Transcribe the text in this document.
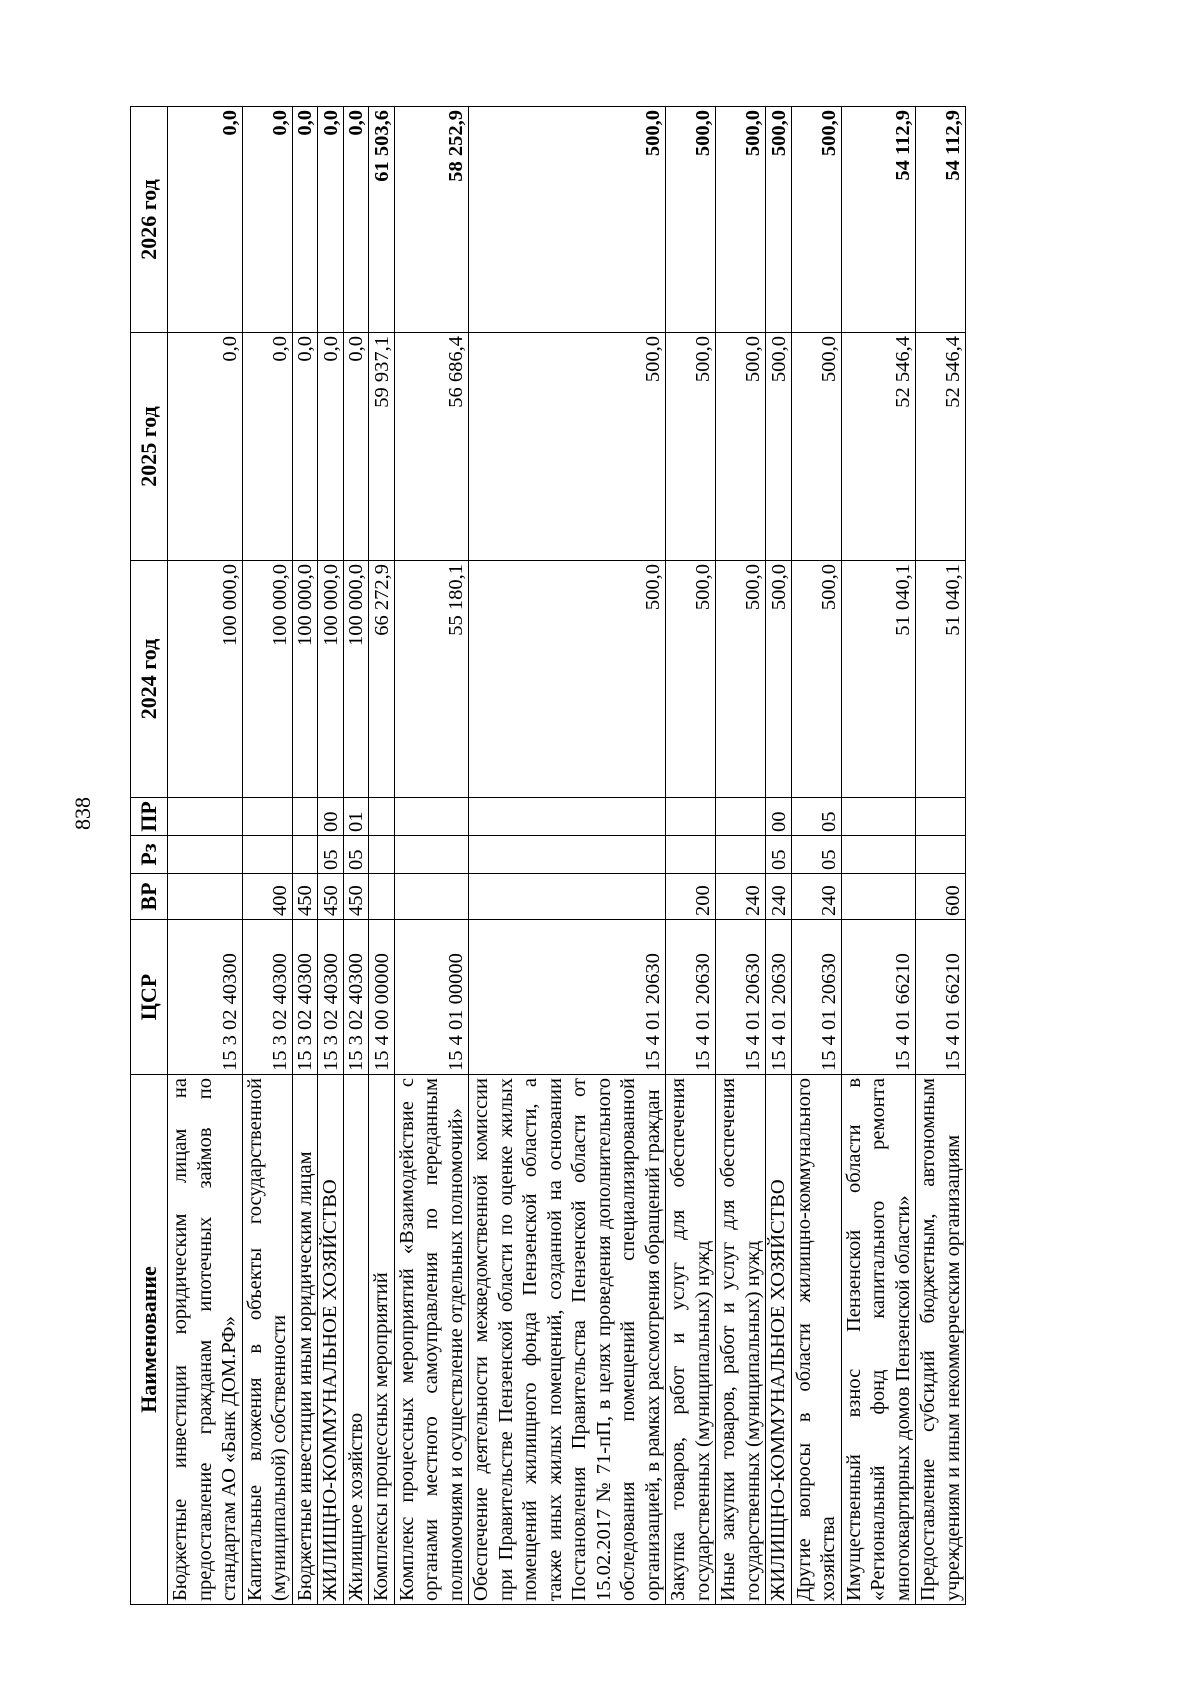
838
Наименование	ЦСР	ВР	Рз	ПР	2024 год	2025 год	2026 год
Бюджетные инвестиции юридическим лицам на предоставление гражданам ипотечных займов по стандартам АО «Банк ДОМ.РФ»	15 3 02 40300				100 000,0	0,0	0,0
Капитальные вложения в объекты государственной (муниципальной) собственности	15 3 02 40300	400			100 000,0	0,0	0,0
Бюджетные инвестиции иным юридическим лицам	15 3 02 40300	450			100 000,0	0,0	0,0
ЖИЛИЩНО-КОММУНАЛЬНОЕ ХОЗЯЙСТВО	15 3 02 40300	450	05	00	100 000,0	0,0	0,0
Жилищное хозяйство	15 3 02 40300	450	05	01	100 000,0	0,0	0,0
Комплексы процессных мероприятий	15 4 00 00000				66 272,9	59 937,1	61 503,6
Комплекс процессных мероприятий «Взаимодействие с органами местного самоуправления по переданным полномочиям и осуществление отдельных полномочий»	15 4 01 00000				55 180,1	56 686,4	58 252,9
Обеспечение деятельности межведомственной комиссии при Правительстве Пензенской области по оценке жилых помещений жилищного фонда Пензенской области, а также иных жилых помещений, созданной на основании Постановления Правительства Пензенской области от 15.02.2017 № 71-пП, в целях проведения дополнительного обследования помещений специализированной организацией, в рамках рассмотрения обращений граждан	15 4 01 20630				500,0	500,0	500,0
Закупка товаров, работ и услуг для обеспечения государственных (муниципальных) нужд	15 4 01 20630	200			500,0	500,0	500,0
Иные закупки товаров, работ и услуг для обеспечения государственных (муниципальных) нужд	15 4 01 20630	240			500,0	500,0	500,0
ЖИЛИЩНО-КОММУНАЛЬНОЕ ХОЗЯЙСТВО	15 4 01 20630	240	05	00	500,0	500,0	500,0
Другие вопросы в области жилищно-коммунального хозяйства	15 4 01 20630	240	05	05	500,0	500,0	500,0
Имущественный взнос Пензенской области в «Региональный фонд капитального ремонта многоквартирных домов Пензенской области»	15 4 01 66210				51 040,1	52 546,4	54 112,9
Предоставление субсидий бюджетным, автономным учреждениям и иным некоммерческим организациям	15 4 01 66210	600			51 040,1	52 546,4	54 112,9
